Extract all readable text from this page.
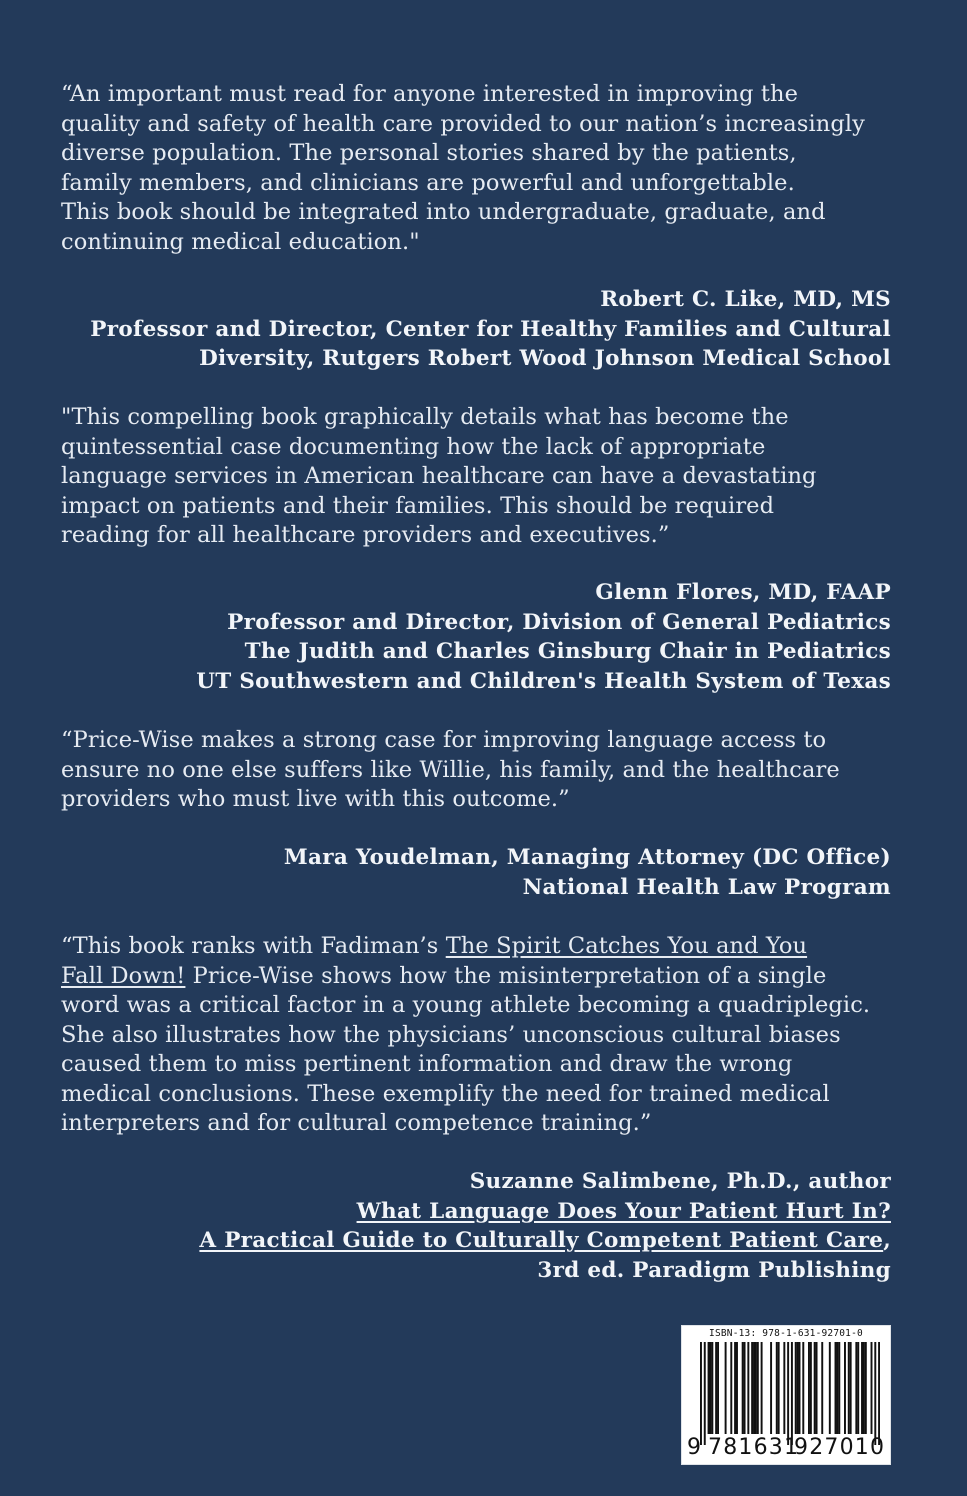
“An important must read for anyone interested in improving the
quality and safety of health care provided to our nation’s increasingly
diverse population. The personal stories shared by the patients,
family members, and clinicians are powerful and unforgettable.
This book should be integrated into undergraduate, graduate, and
continuing medical education."
Robert C. Like, MD, MS
Professor and Director, Center for Healthy Families and Cultural
Diversity, Rutgers Robert Wood Johnson Medical School
"This compelling book graphically details what has become the
quintessential case documenting how the lack of appropriate
language services in American healthcare can have a devastating
impact on patients and their families. This should be required
reading for all healthcare providers and executives.”
Glenn Flores, MD, FAAP
Professor and Director, Division of General Pediatrics
The Judith and Charles Ginsburg Chair in Pediatrics
UT Southwestern and Children's Health System of Texas
“Price-Wise makes a strong case for improving language access to
ensure no one else suffers like Willie, his family, and the healthcare
providers who must live with this outcome.”
Mara Youdelman, Managing Attorney (DC Office)
National Health Law Program
“This book ranks with Fadiman’s The Spirit Catches You and You
Fall Down! Price-Wise shows how the misinterpretation of a single
word was a critical factor in a young athlete becoming a quadriplegic.
She also illustrates how the physicians’ unconscious cultural biases
caused them to miss pertinent information and draw the wrong
medical conclusions. These exemplify the need for trained medical
interpreters and for cultural competence training.”
Suzanne Salimbene, Ph.D., author
What Language Does Your Patient Hurt In?
A Practical Guide to Culturally Competent Patient Care,
3rd ed. Paradigm Publishing
ISBN-13: 978-1-631-92701-0
9 781631
927010
